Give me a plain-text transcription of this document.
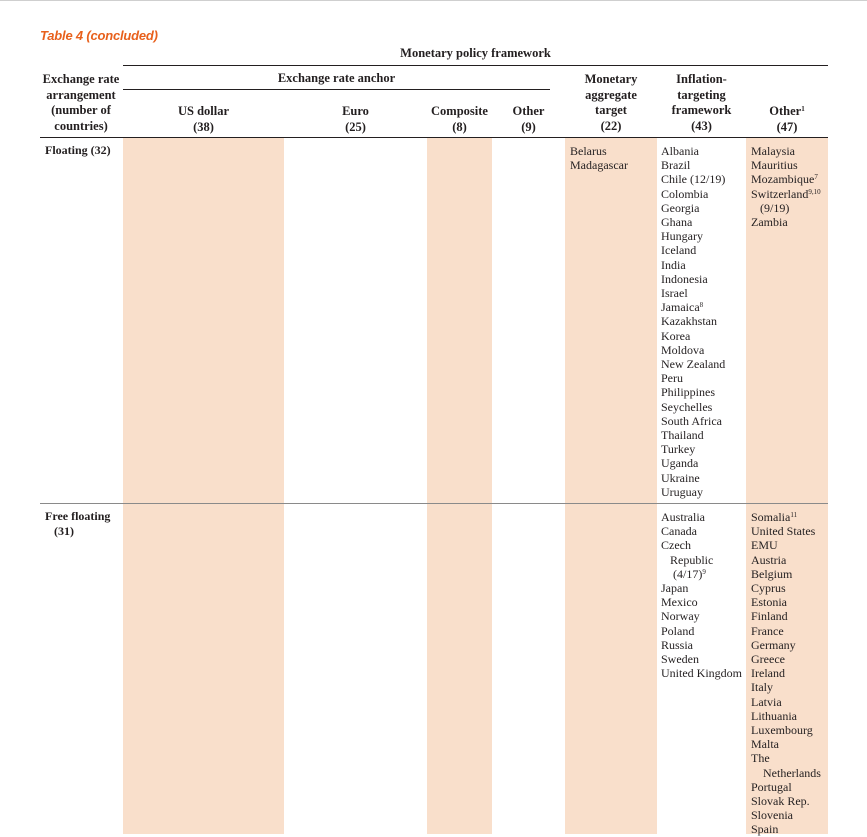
Table 4 (concluded)
Monetary policy framework
Exchange rate
arrangement
(number of
countries)
Exchange rate anchor
US dollar
(38)
Euro
(25)
Composite
(8)
Other
(9)
Monetary
aggregate
target
(22)
Inflation-
targeting
framework
(43)
Other$^1$
(47)
Floating (32)	Belarus
Madagascar
Albania
Brazil
Chile (12/19)
Colombia
Georgia
Ghana
Hungary
Iceland
India
Indonesia
Israel
Jamaica$^8$
Kazakhstan
Korea
Moldova
New Zealand
Peru
Philippines
Seychelles
South Africa
Thailand
Turkey
Uganda
Ukraine
Uruguay
Malaysia
Mauritius
Mozambique$^7$
Switzerland$^{9,10}$
(9/19)
Zambia
Free floating
(31)
Australia
Canada
Czech
Republic
$(4/17)^9$
Japan
Mexico
Norway
Poland
Russia
Sweden
United Kingdom
Somalia$^{11}$
United States
EMU
Austria
Belgium
Cyprus
Estonia
Finland
France
Germany
Greece
Ireland
Italy
Latvia
Lithuania
Luxembourg
Malta
The
Netherlands
Portugal
Slovak Rep.
Slovenia
Spain
